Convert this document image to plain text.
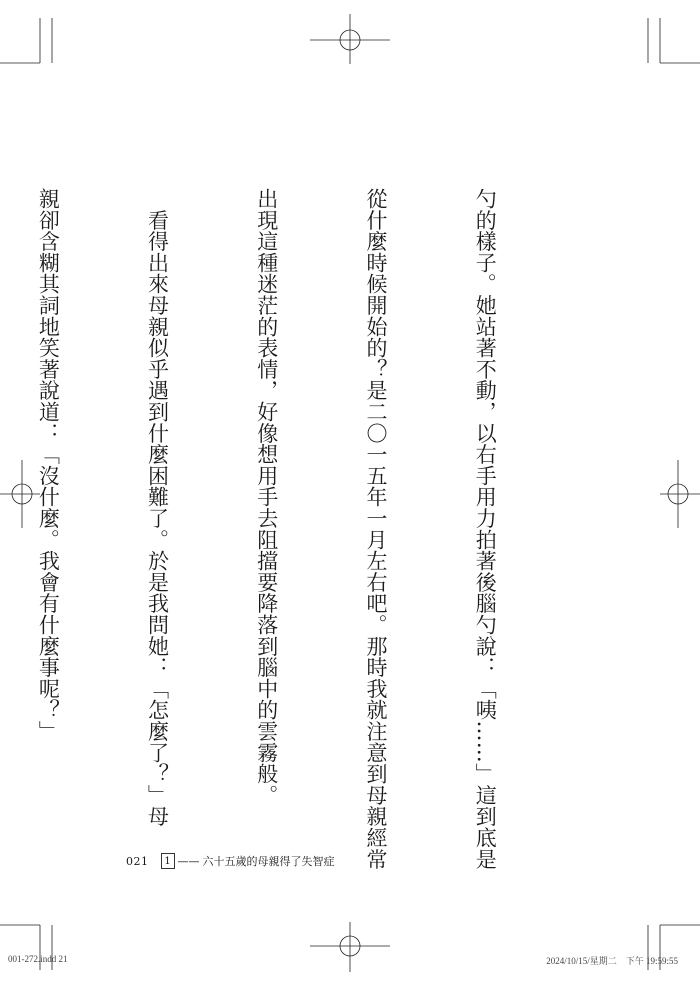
勺的樣子。她站著不動，以右手用力拍著後腦勺說：「咦……」這到底是

從什麼時候開始的？是二〇一五年一月左右吧。那時我就注意到母親經常

出現這種迷茫的表情，好像想用手去阻擋要降落到腦中的雲霧般。

　看得出來母親似乎遇到什麼困難了。於是我問她：「怎麼了？」母

親卻含糊其詞地笑著說道：「沒什麼。我會有什麼事呢？」

021	1 —— 六十五歲的母親得了失智症
001-272.indd 21	2024/10/15/星期二　下午 19:59:55
